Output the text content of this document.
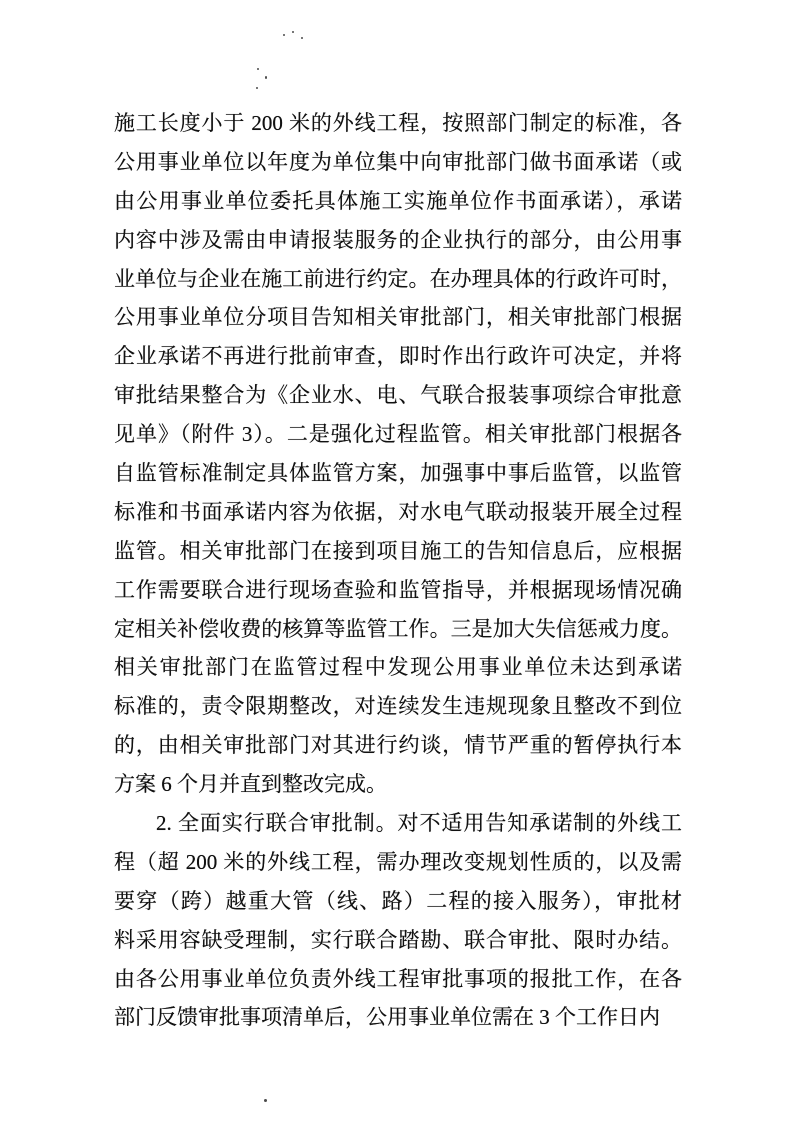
施工长度小于 200 米的外线工程，按照部门制定的标准，各
公用事业单位以年度为单位集中向审批部门做书面承诺（或
由公用事业单位委托具体施工实施单位作书面承诺），承诺
内容中涉及需由申请报装服务的企业执行的部分，由公用事
业单位与企业在施工前进行约定。在办理具体的行政许可时，
公用事业单位分项目告知相关审批部门，相关审批部门根据
企业承诺不再进行批前审查，即时作出行政许可决定，并将
审批结果整合为《企业水、电、气联合报装事项综合审批意
见单》（附件 3）。二是强化过程监管。相关审批部门根据各
自监管标准制定具体监管方案，加强事中事后监管，以监管
标准和书面承诺内容为依据，对水电气联动报装开展全过程
监管。相关审批部门在接到项目施工的告知信息后，应根据
工作需要联合进行现场查验和监管指导，并根据现场情况确
定相关补偿收费的核算等监管工作。三是加大失信惩戒力度。
相关审批部门在监管过程中发现公用事业单位未达到承诺
标准的，责令限期整改，对连续发生违规现象且整改不到位
的，由相关审批部门对其进行约谈，情节严重的暂停执行本
方案 6 个月并直到整改完成。
2. 全面实行联合审批制。对不适用告知承诺制的外线工
程（超 200 米的外线工程，需办理改变规划性质的，以及需
要穿（跨）越重大管（线、路）二程的接入服务），审批材
料采用容缺受理制，实行联合踏勘、联合审批、限时办结。
由各公用事业单位负责外线工程审批事项的报批工作，在各
部门反馈审批事项清单后，公用事业单位需在 3 个工作日内
